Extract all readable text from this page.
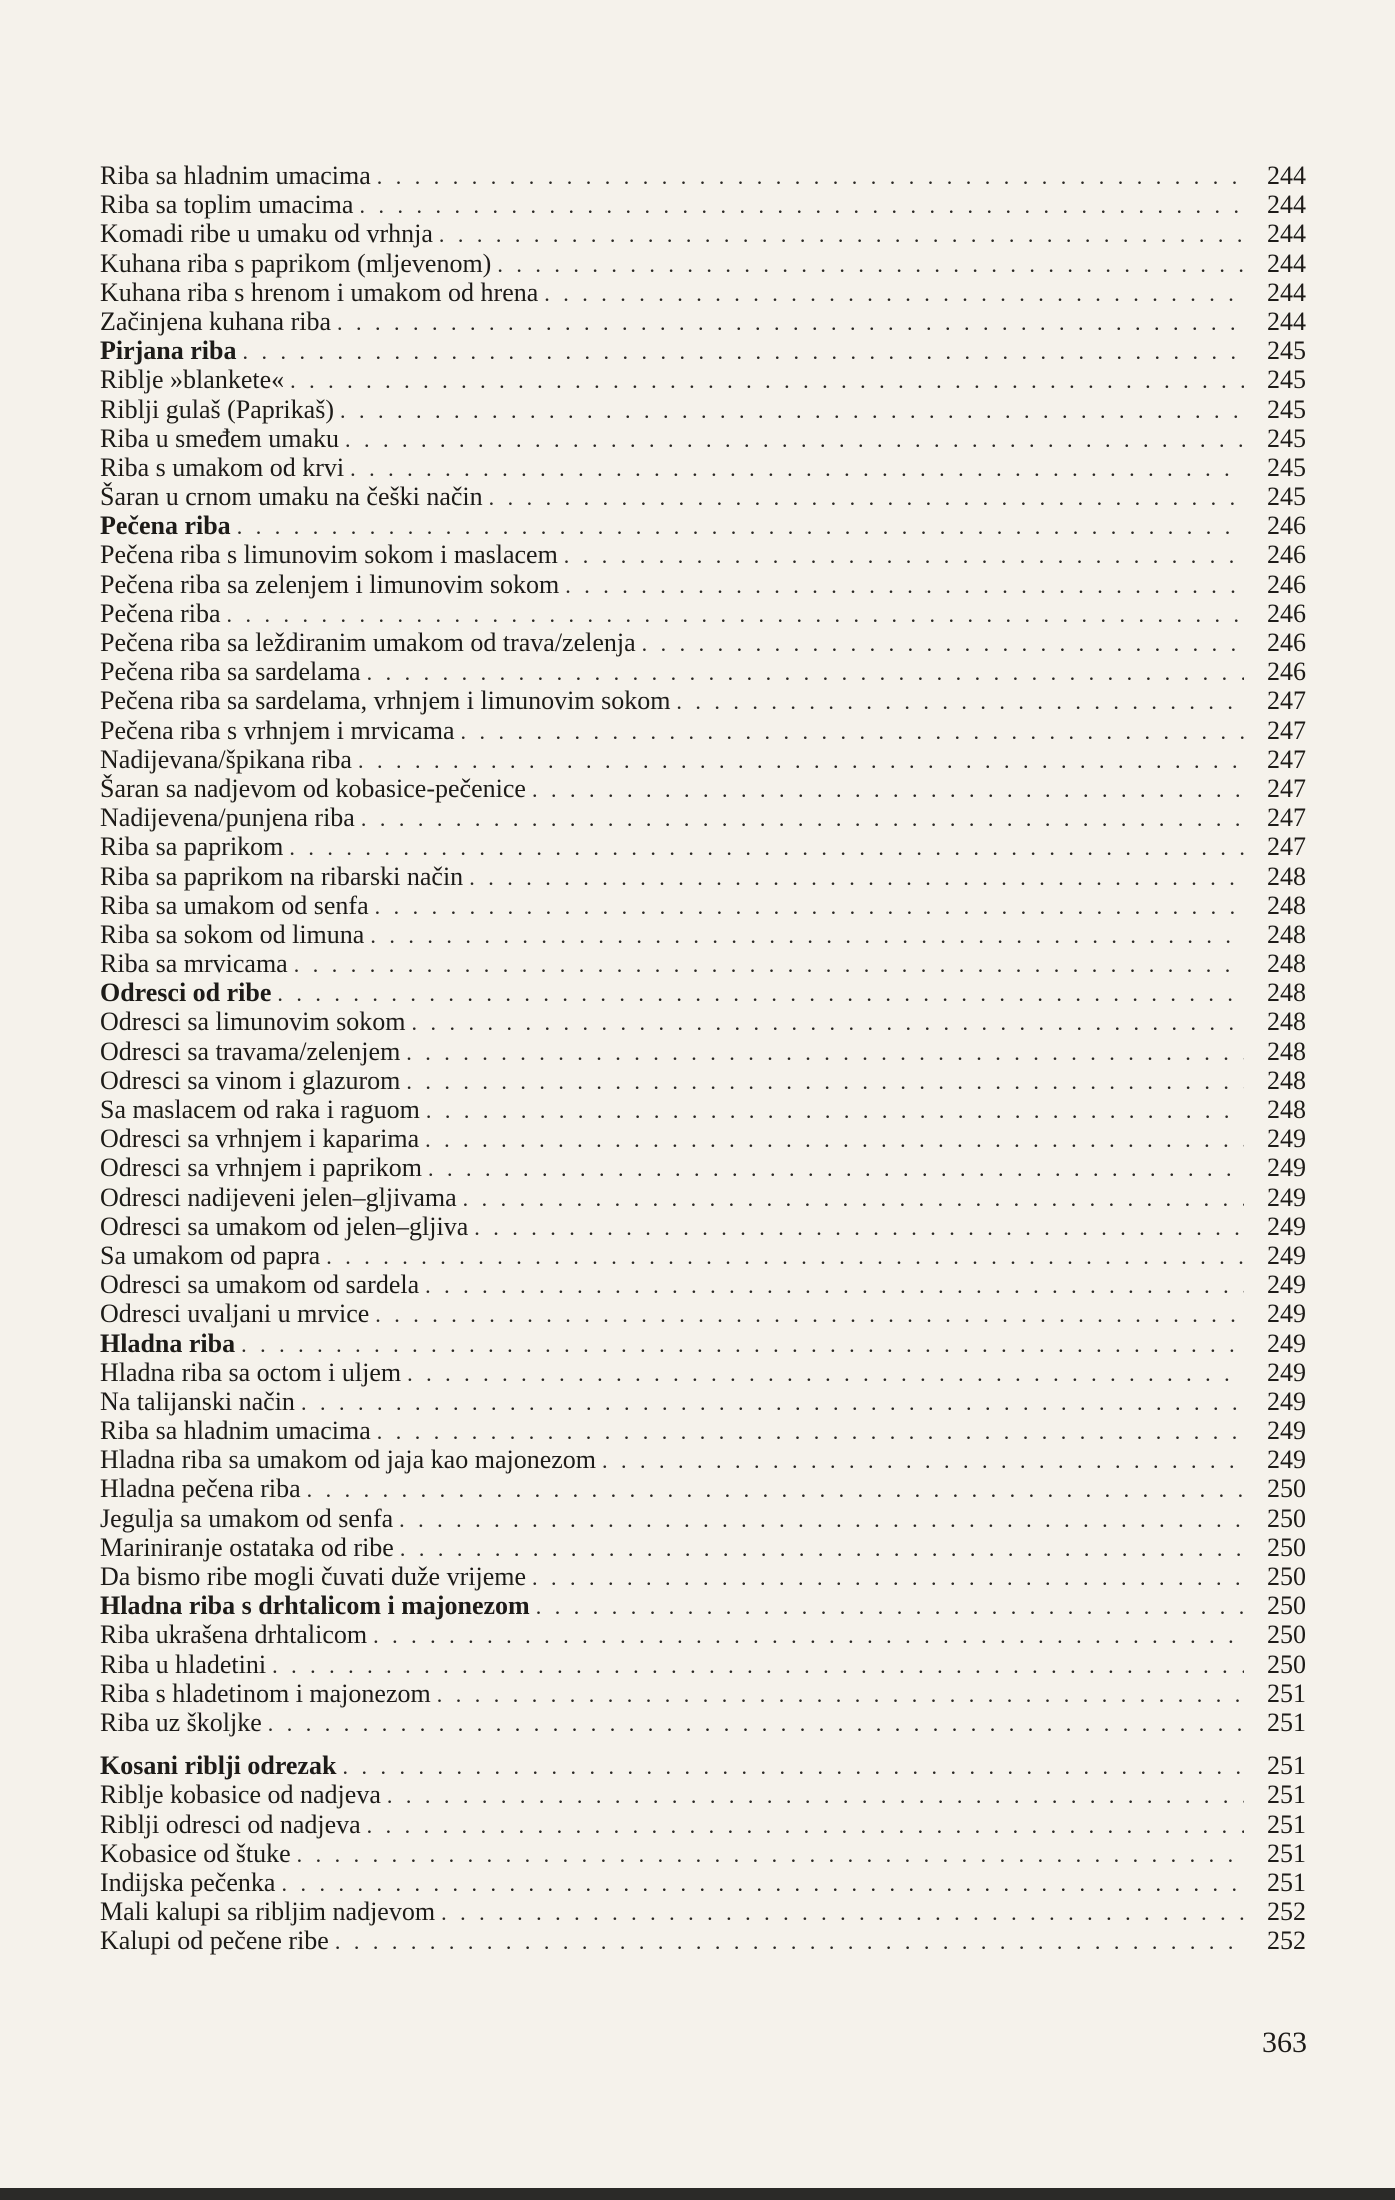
Riba sa hladnim umacima . . .	244
Riba sa toplim umacima . . .	244
Komadi ribe u umaku od vrhnja . . .	244
Kuhana riba s paprikom (mljevenom) . . .	244
Kuhana riba s hrenom i umakom od hrena . . .	244
Začinjena kuhana riba . . .	244
Pirjana riba . . .	245
Riblje »blankete« . . .	245
Riblji gulaš (Paprikaš) . . .	245
Riba u smeđem umaku . . .	245
Riba s umakom od krvi . . .	245
Šaran u crnom umaku na češki način . . .	245
Pečena riba . . .	246
Pečena riba s limunovim sokom i maslacem . . .	246
Pečena riba sa zelenjem i limunovim sokom . . .	246
Pečena riba . . .	246
Pečena riba sa leždiranim umakom od trava/zelenja . . .	246
Pečena riba sa sardelama . . .	246
Pečena riba sa sardelama, vrhnjem i limunovim sokom . . .	247
Pečena riba s vrhnjem i mrvicama . . .	247
Nadijevana/špikana riba . . .	247
Šaran sa nadjevom od kobasice-pečenice . . .	247
Nadijevena/punjena riba . . .	247
Riba sa paprikom . . .	247
Riba sa paprikom na ribarski način . . .	248
Riba sa umakom od senfa . . .	248
Riba sa sokom od limuna . . .	248
Riba sa mrvicama . . .	248
Odresci od ribe . . .	248
Odresci sa limunovim sokom . . .	248
Odresci sa travama/zelenjem . . .	248
Odresci sa vinom i glazurom . . .	248
Sa maslacem od raka i raguom . . .	248
Odresci sa vrhnjem i kaparima . . .	249
Odresci sa vrhnjem i paprikom . . .	249
Odresci nadijeveni jelen–gljivama . . .	249
Odresci sa umakom od jelen–gljiva . . .	249
Sa umakom od papra . . .	249
Odresci sa umakom od sardela . . .	249
Odresci uvaljani u mrvice . . .	249
Hladna riba . . .	249
Hladna riba sa octom i uljem . . .	249
Na talijanski način . . .	249
Riba sa hladnim umacima . . .	249
Hladna riba sa umakom od jaja kao majonezom . . .	249
Hladna pečena riba . . .	250
Jegulja sa umakom od senfa . . .	250
Mariniranje ostataka od ribe . . .	250
Da bismo ribe mogli čuvati duže vrijeme . . .	250
Hladna riba s drhtalicom i majonezom . . .	250
Riba ukrašena drhtalicom . . .	250
Riba u hladetini . . .	250
Riba s hladetinom i majonezom . . .	251
Riba uz školjke . . .	251
Kosani riblji odrezak . . .	251
Riblje kobasice od nadjeva . . .	251
Riblji odresci od nadjeva . . .	251
Kobasice od štuke . . .	251
Indijska pečenka . . .	251
Mali kalupi sa ribljim nadjevom . . .	252
Kalupi od pečene ribe . . .	252
363
